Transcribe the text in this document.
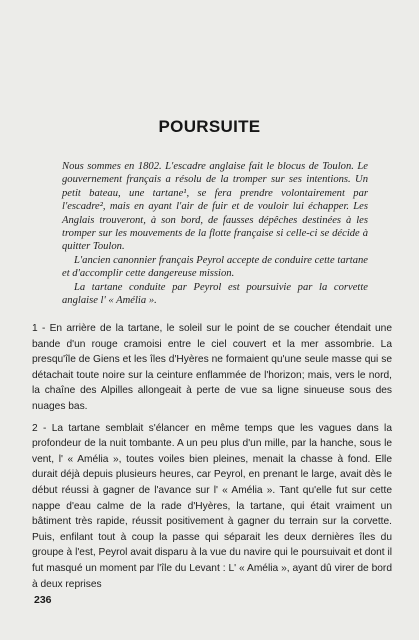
POURSUITE

Nous sommes en 1802. L'escadre anglaise fait le blocus de Toulon. Le gouvernement français a résolu de la tromper sur ses intentions. Un petit bateau, une tartane¹, se fera prendre volontairement par l'escadre², mais en ayant l'air de fuir et de vouloir lui échapper. Les Anglais trouveront, à son bord, de fausses dépêches destinées à les tromper sur les mouvements de la flotte française si celle-ci se décide à quitter Toulon.

L'ancien canonnier français Peyrol accepte de conduire cette tartane et d'accomplir cette dangereuse mission.

La tartane conduite par Peyrol est poursuivie par la corvette anglaise l' « Améliа ».

1 - En arrière de la tartane, le soleil sur le point de se coucher étendait une bande d'un rouge cramoisi entre le ciel couvert et la mer assombrie. La presqu'île de Giens et les îles d'Hyères ne formaient qu'une seule masse qui se détachait toute noire sur la ceinture enflammée de l'horizon; mais, vers le nord, la chaîne des Alpilles allongeait à perte de vue sa ligne sinueuse sous des nuages bas.

2 - La tartane semblait s'élancer en même temps que les vagues dans la profondeur de la nuit tombante. A un peu plus d'un mille, par la hanche, sous le vent, l' « Améliа », toutes voiles bien pleines, menait la chasse à fond. Elle durait déjà depuis plusieurs heures, car Peyrol, en prenant le large, avait dès le début réussi à gagner de l'avance sur l' « Améliа ». Tant qu'elle fut sur cette nappe d'eau calme de la rade d'Hyères, la tartane, qui était vraiment un bâtiment très rapide, réussit positivement à gagner du terrain sur la corvette. Puis, enfilant tout à coup la passe qui séparait les deux dernières îles du groupe à l'est, Peyrol avait disparu à la vue du navire qui le poursuivait et dont il fut masqué un moment par l'île du Levant : L' « Améliа », ayant dû virer de bord à deux reprises

236
